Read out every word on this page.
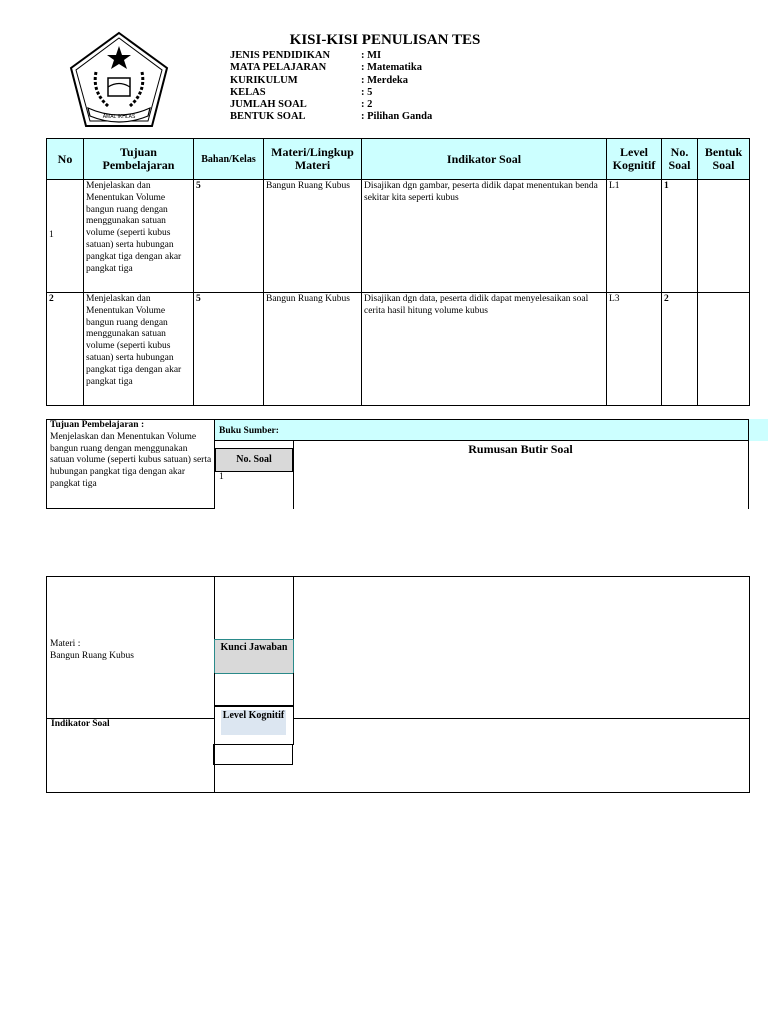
AMAL IKHLAS
KISI-KISI PENULISAN TES
JENIS PENDIDIKAN	: MI
MATA PELAJARAN	: Matematika
KURIKULUM	: Merdeka
KELAS	: 5
JUMLAH SOAL	: 2
BENTUK SOAL	: Pilihan Ganda
No	Tujuan Pembelajaran	Bahan/Kelas	Materi/Lingkup Materi	Indikator Soal	Level Kognitif	No. Soal	Bentuk Soal
1	Menjelaskan dan Menentukan Volume bangun ruang dengan menggunakan satuan volume (seperti kubus satuan) serta hubungan pangkat tiga dengan akar pangkat tiga	5	Bangun Ruang Kubus	Disajikan dgn gambar, peserta didik dapat menentukan benda sekitar kita seperti kubus	L1	1	
2	Menjelaskan dan Menentukan Volume bangun ruang dengan menggunakan satuan volume (seperti kubus satuan) serta hubungan pangkat tiga dengan akar pangkat tiga	5	Bangun Ruang Kubus	Disajikan dgn data, peserta didik dapat menyelesaikan soal cerita hasil hitung volume kubus	L3	2	
Tujuan Pembelajaran :
Menjelaskan dan Menentukan Volume bangun ruang dengan menggunakan satuan volume (seperti kubus satuan) serta hubungan pangkat tiga dengan akar pangkat tiga
Buku Sumber:
No. Soal
1
Rumusan Butir Soal
Materi :
Bangun Ruang Kubus
Kunci Jawaban
Indikator Soal
Level Kognitif
